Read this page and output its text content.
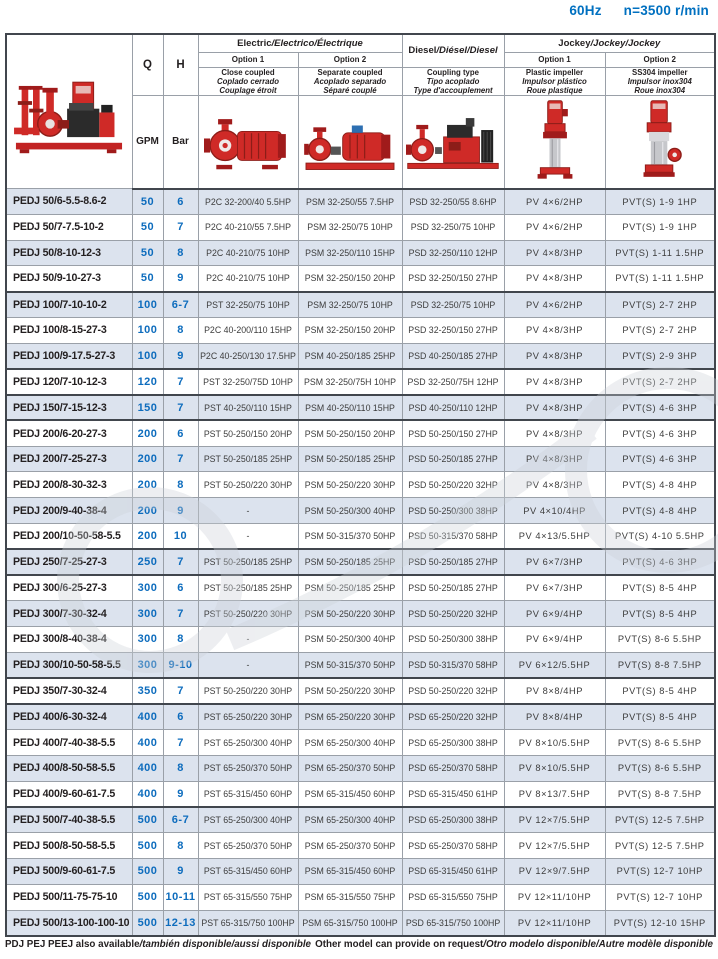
60Hz n=3500 r/min
	Q	H	Electric/Electrico/Électrique		Diesel/Diésel/Diesel	Jockey/Jockey/Jockey	
			Option 1	Option 2		Option 1	Option 2
			Close coupled
Coplado cerrado
Couplage étroit	Separate coupled
Acoplado separado
Séparé couplé	Coupling type
Tipo acoplado
Type d'accouplement	Plastic impeller
Impulsor plástico
Roue plastique	SS304 impeller
Impulsor inox304
Roue inox304

	GPM	Bar	

PEDJ 50/6-5.5-8.6-2	50	6	P2C 32-200/40 5.5HP	PSM 32-250/55 7.5HP	PSD 32-250/55 8.6HP	PV 4×6/2HP	PVT(S) 1-9 1HP
PEDJ 50/7-7.5-10-2	50	7	P2C 40-210/55 7.5HP	PSM 32-250/75 10HP	PSD 32-250/75 10HP	PV 4×6/2HP	PVT(S) 1-9 1HP
PEDJ 50/8-10-12-3	50	8	P2C 40-210/75 10HP	PSM 32-250/110 15HP	PSD 32-250/110 12HP	PV 4×8/3HP	PVT(S) 1-11 1.5HP
PEDJ 50/9-10-27-3	50	9	P2C 40-210/75 10HP	PSM 32-250/150 20HP	PSD 32-250/150 27HP	PV 4×8/3HP	PVT(S) 1-11 1.5HP
PEDJ 100/7-10-10-2	100	6-7	PST 32-250/75 10HP	PSM 32-250/75 10HP	PSD 32-250/75 10HP	PV 4×6/2HP	PVT(S) 2-7 2HP
PEDJ 100/8-15-27-3	100	8	P2C 40-200/110 15HP	PSM 32-250/150 20HP	PSD 32-250/150 27HP	PV 4×8/3HP	PVT(S) 2-7 2HP
PEDJ 100/9-17.5-27-3	100	9	P2C 40-250/130 17.5HP	PSM 40-250/185 25HP	PSD 40-250/185 27HP	PV 4×8/3HP	PVT(S) 2-9 3HP
PEDJ 120/7-10-12-3	120	7	PST 32-250/75D 10HP	PSM 32-250/75H 10HP	PSD 32-250/75H 12HP	PV 4×8/3HP	PVT(S) 2-7 2HP
PEDJ 150/7-15-12-3	150	7	PST 40-250/110 15HP	PSM 40-250/110 15HP	PSD 40-250/110 12HP	PV 4×8/3HP	PVT(S) 4-6 3HP
PEDJ 200/6-20-27-3	200	6	PST 50-250/150 20HP	PSM 50-250/150 20HP	PSD 50-250/150 27HP	PV 4×8/3HP	PVT(S) 4-6 3HP
PEDJ 200/7-25-27-3	200	7	PST 50-250/185 25HP	PSM 50-250/185 25HP	PSD 50-250/185 27HP	PV 4×8/3HP	PVT(S) 4-6 3HP
PEDJ 200/8-30-32-3	200	8	PST 50-250/220 30HP	PSM 50-250/220 30HP	PSD 50-250/220 32HP	PV 4×8/3HP	PVT(S) 4-8 4HP
PEDJ 200/9-40-38-4	200	9	-	PSM 50-250/300 40HP	PSD 50-250/300 38HP	PV 4×10/4HP	PVT(S) 4-8 4HP
PEDJ 200/10-50-58-5.5	200	10	-	PSM 50-315/370 50HP	PSD 50-315/370 58HP	PV 4×13/5.5HP	PVT(S) 4-10 5.5HP
PEDJ 250/7-25-27-3	250	7	PST 50-250/185 25HP	PSM 50-250/185 25HP	PSD 50-250/185 27HP	PV 6×7/3HP	PVT(S) 4-6 3HP
PEDJ 300/6-25-27-3	300	6	PST 50-250/185 25HP	PSM 50-250/185 25HP	PSD 50-250/185 27HP	PV 6×7/3HP	PVT(S) 8-5 4HP
PEDJ 300/7-30-32-4	300	7	PST 50-250/220 30HP	PSM 50-250/220 30HP	PSD 50-250/220 32HP	PV 6×9/4HP	PVT(S) 8-5 4HP
PEDJ 300/8-40-38-4	300	8	-	PSM 50-250/300 40HP	PSD 50-250/300 38HP	PV 6×9/4HP	PVT(S) 8-6 5.5HP
PEDJ 300/10-50-58-5.5	300	9-10	-	PSM 50-315/370 50HP	PSD 50-315/370 58HP	PV 6×12/5.5HP	PVT(S) 8-8 7.5HP
PEDJ 350/7-30-32-4	350	7	PST 50-250/220 30HP	PSM 50-250/220 30HP	PSD 50-250/220 32HP	PV 8×8/4HP	PVT(S) 8-5 4HP
PEDJ 400/6-30-32-4	400	6	PST 65-250/220 30HP	PSM 65-250/220 30HP	PSD 65-250/220 32HP	PV 8×8/4HP	PVT(S) 8-5 4HP
PEDJ 400/7-40-38-5.5	400	7	PST 65-250/300 40HP	PSM 65-250/300 40HP	PSD 65-250/300 38HP	PV 8×10/5.5HP	PVT(S) 8-6 5.5HP
PEDJ 400/8-50-58-5.5	400	8	PST 65-250/370 50HP	PSM 65-250/370 50HP	PSD 65-250/370 58HP	PV 8×10/5.5HP	PVT(S) 8-6 5.5HP
PEDJ 400/9-60-61-7.5	400	9	PST 65-315/450 60HP	PSM 65-315/450 60HP	PSD 65-315/450 61HP	PV 8×13/7.5HP	PVT(S) 8-8 7.5HP
PEDJ 500/7-40-38-5.5	500	6-7	PST 65-250/300 40HP	PSM 65-250/300 40HP	PSD 65-250/300 38HP	PV 12×7/5.5HP	PVT(S) 12-5 7.5HP
PEDJ 500/8-50-58-5.5	500	8	PST 65-250/370 50HP	PSM 65-250/370 50HP	PSD 65-250/370 58HP	PV 12×7/5.5HP	PVT(S) 12-5 7.5HP
PEDJ 500/9-60-61-7.5	500	9	PST 65-315/450 60HP	PSM 65-315/450 60HP	PSD 65-315/450 61HP	PV 12×9/7.5HP	PVT(S) 12-7 10HP
PEDJ 500/11-75-75-10	500	10-11	PST 65-315/550 75HP	PSM 65-315/550 75HP	PSD 65-315/550 75HP	PV 12×11/10HP	PVT(S) 12-7 10HP
PEDJ 500/13-100-100-10	500	12-13	PST 65-315/750 100HP	PSM 65-315/750 100HP	PSD 65-315/750 100HP	PV 12×11/10HP	PVT(S) 12-10 15HP
PDJ PEJ PEEJ also available/también disponible/aussi disponible Other model can provide on request/Otro modelo disponible/Autre modèle disponible
